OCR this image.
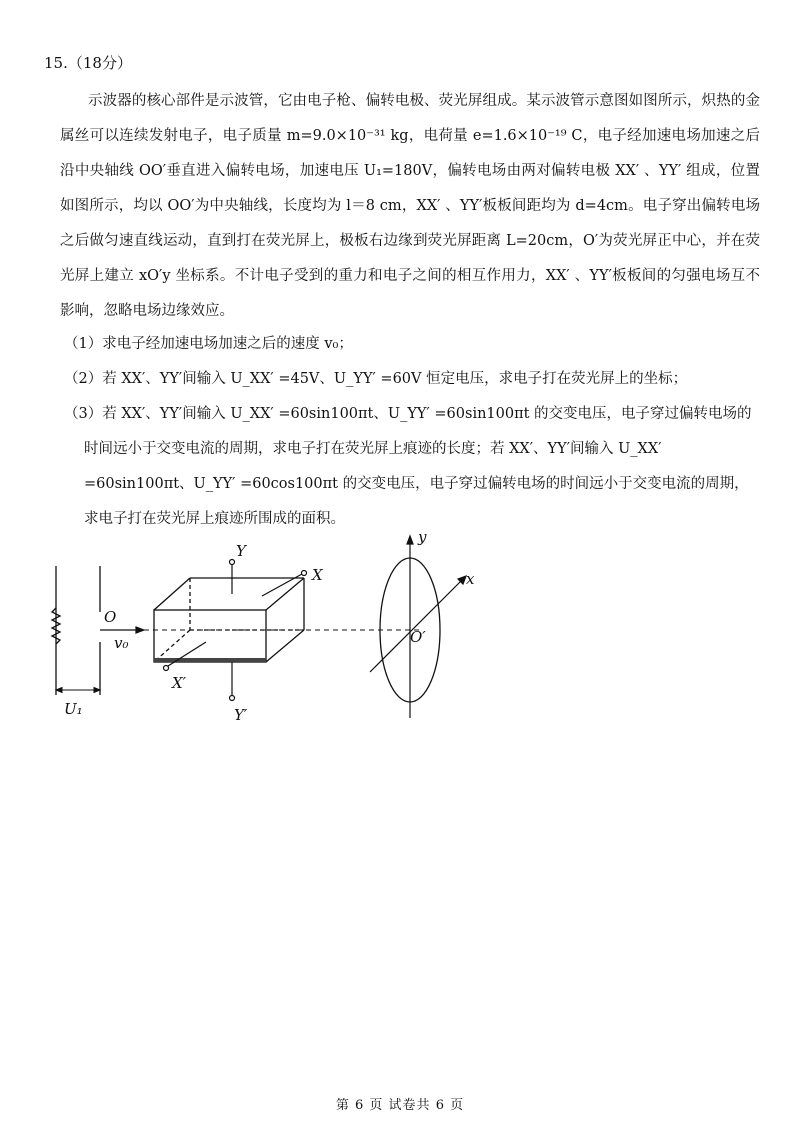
15.（18分）
示波器的核心部件是示波管，它由电子枪、偏转电极、荧光屏组成。某示波管示意图如图所示，炽热的金属丝可以连续发射电子，电子质量 m=9.0×10⁻³¹ kg，电荷量 e=1.6×10⁻¹⁹ C，电子经加速电场加速之后沿中央轴线 OO′垂直进入偏转电场，加速电压 U₁=180V，偏转电场由两对偏转电极 XX′ 、YY′ 组成，位置如图所示，均以 OO′为中央轴线，长度均为 l＝8 cm，XX′ 、YY′板板间距均为 d=4cm。电子穿出偏转电场之后做匀速直线运动，直到打在荧光屏上，极板右边缘到荧光屏距离 L=20cm，O′为荧光屏正中心，并在荧光屏上建立 xO′y 坐标系。不计电子受到的重力和电子之间的相互作用力，XX′ 、YY′板板间的匀强电场互不影响，忽略电场边缘效应。
（1）求电子经加速电场加速之后的速度 v₀；
（2）若 XX′、YY′间输入 U_XX′ =45V、U_YY′ =60V 恒定电压，求电子打在荧光屏上的坐标；
（3）若 XX′、YY′间输入 U_XX′ =60sin100πt、U_YY′ =60sin100πt 的交变电压，电子穿过偏转电场的时间远小于交变电流的周期，求电子打在荧光屏上痕迹的长度；若 XX′、YY′间输入 U_XX′ =60sin100πt、U_YY′ =60cos100πt 的交变电压，电子穿过偏转电场的时间远小于交变电流的周期，求电子打在荧光屏上痕迹所围成的面积。
U₁
O
v₀
Y
Y′
X
X′
y
x
O′
第 6 页 试卷共 6 页
